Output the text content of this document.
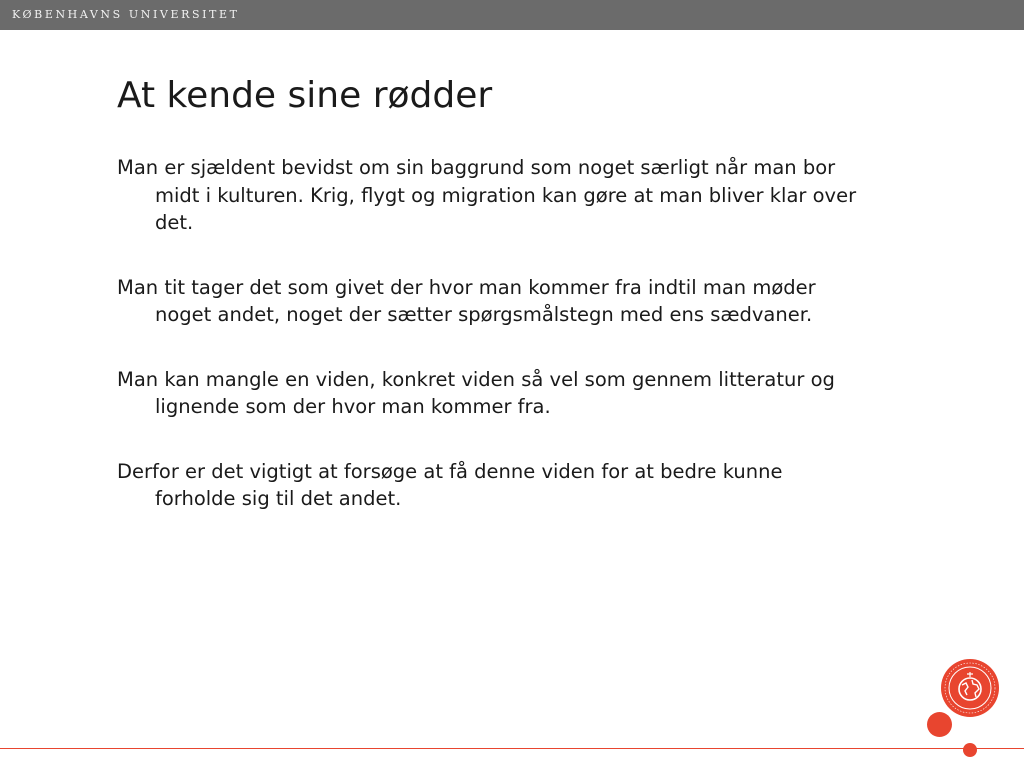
KØBENHAVNS UNIVERSITET
At kende sine rødder
Man er sjældent bevidst om sin baggrund som noget særligt når man bor midt i kulturen. Krig, flygt og migration kan gøre at man bliver klar over det.
Man tit tager det som givet der hvor man kommer fra indtil man møder noget andet, noget der sætter spørgsmålstegn med ens sædvaner.
Man kan mangle en viden, konkret viden så vel som gennem litteratur og lignende som der hvor man kommer fra.
Derfor er det vigtigt at forsøge at få denne viden for at bedre kunne forholde sig til det andet.
